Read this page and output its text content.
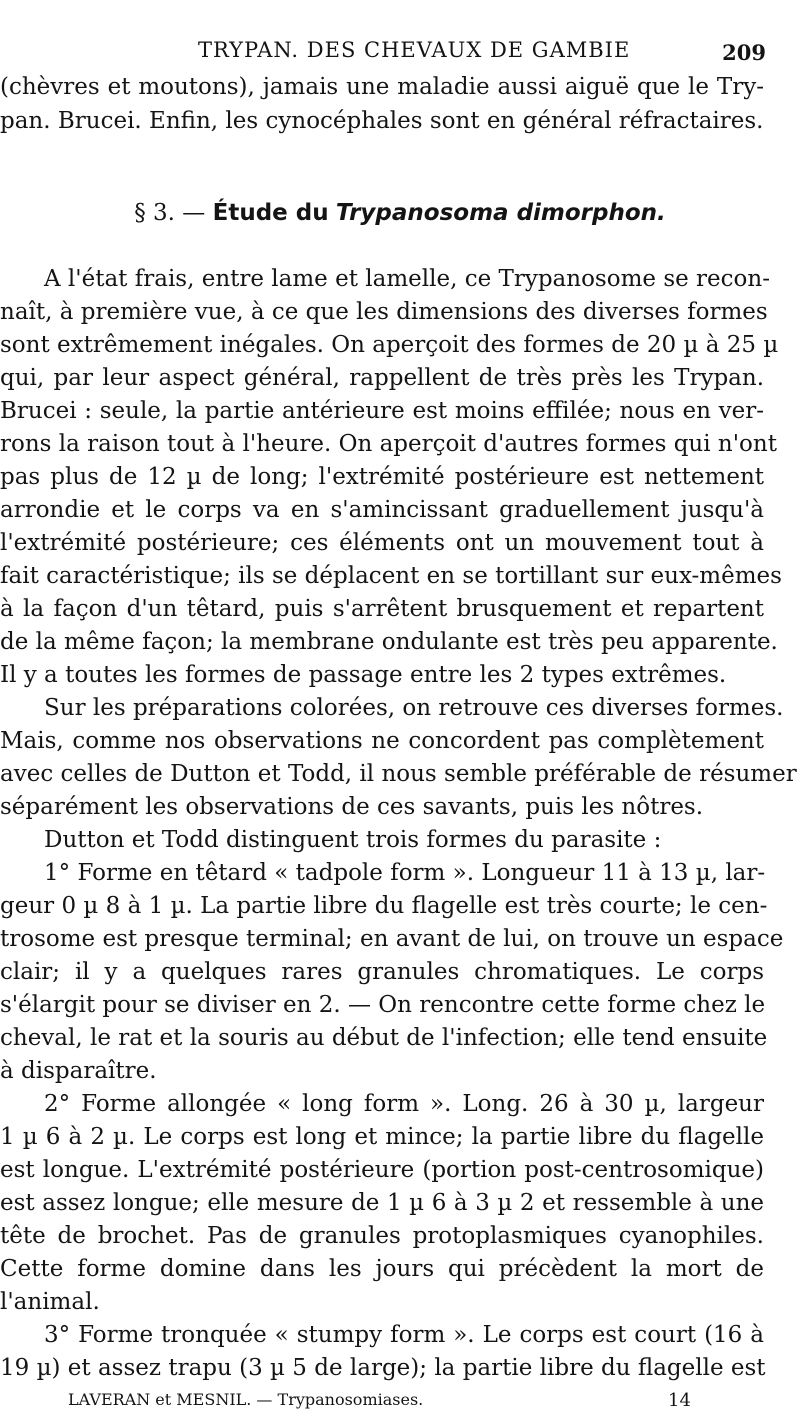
TRYPAN. DES CHEVAUX DE GAMBIE	209
(chèvres et moutons), jamais une maladie aussi aiguë que le Try-
pan. Brucei. Enfin, les cynocéphales sont en général réfractaires.
§ 3. — Étude du Trypanosoma dimorphon.
A l'état frais, entre lame et lamelle, ce Trypanosome se recon-
naît, à première vue, à ce que les dimensions des diverses formes
sont extrêmement inégales. On aperçoit des formes de 20 µ à 25 µ
qui, par leur aspect général, rappellent de très près les Trypan.
Brucei : seule, la partie antérieure est moins effilée; nous en ver-
rons la raison tout à l'heure. On aperçoit d'autres formes qui n'ont
pas plus de 12 µ de long; l'extrémité postérieure est nettement
arrondie et le corps va en s'amincissant graduellement jusqu'à
l'extrémité postérieure; ces éléments ont un mouvement tout à
fait caractéristique; ils se déplacent en se tortillant sur eux-mêmes
à la façon d'un têtard, puis s'arrêtent brusquement et repartent
de la même façon; la membrane ondulante est très peu apparente.
Il y a toutes les formes de passage entre les 2 types extrêmes.
Sur les préparations colorées, on retrouve ces diverses formes.
Mais, comme nos observations ne concordent pas complètement
avec celles de Dutton et Todd, il nous semble préférable de résumer
séparément les observations de ces savants, puis les nôtres.
Dutton et Todd distinguent trois formes du parasite :
1° Forme en têtard « tadpole form ». Longueur 11 à 13 µ, lar-
geur 0 µ 8 à 1 µ. La partie libre du flagelle est très courte; le cen-
trosome est presque terminal; en avant de lui, on trouve un espace
clair; il y a quelques rares granules chromatiques. Le corps
s'élargit pour se diviser en 2. — On rencontre cette forme chez le
cheval, le rat et la souris au début de l'infection; elle tend ensuite
à disparaître.
2° Forme allongée « long form ». Long. 26 à 30 µ, largeur
1 µ 6 à 2 µ. Le corps est long et mince; la partie libre du flagelle
est longue. L'extrémité postérieure (portion post-centrosomique)
est assez longue; elle mesure de 1 µ 6 à 3 µ 2 et ressemble à une
tête de brochet. Pas de granules protoplasmiques cyanophiles.
Cette forme domine dans les jours qui précèdent la mort de
l'animal.
3° Forme tronquée « stumpy form ». Le corps est court (16 à
19 µ) et assez trapu (3 µ 5 de large); la partie libre du flagelle est
LAVERAN et MESNIL. — Trypanosomiases.	14
